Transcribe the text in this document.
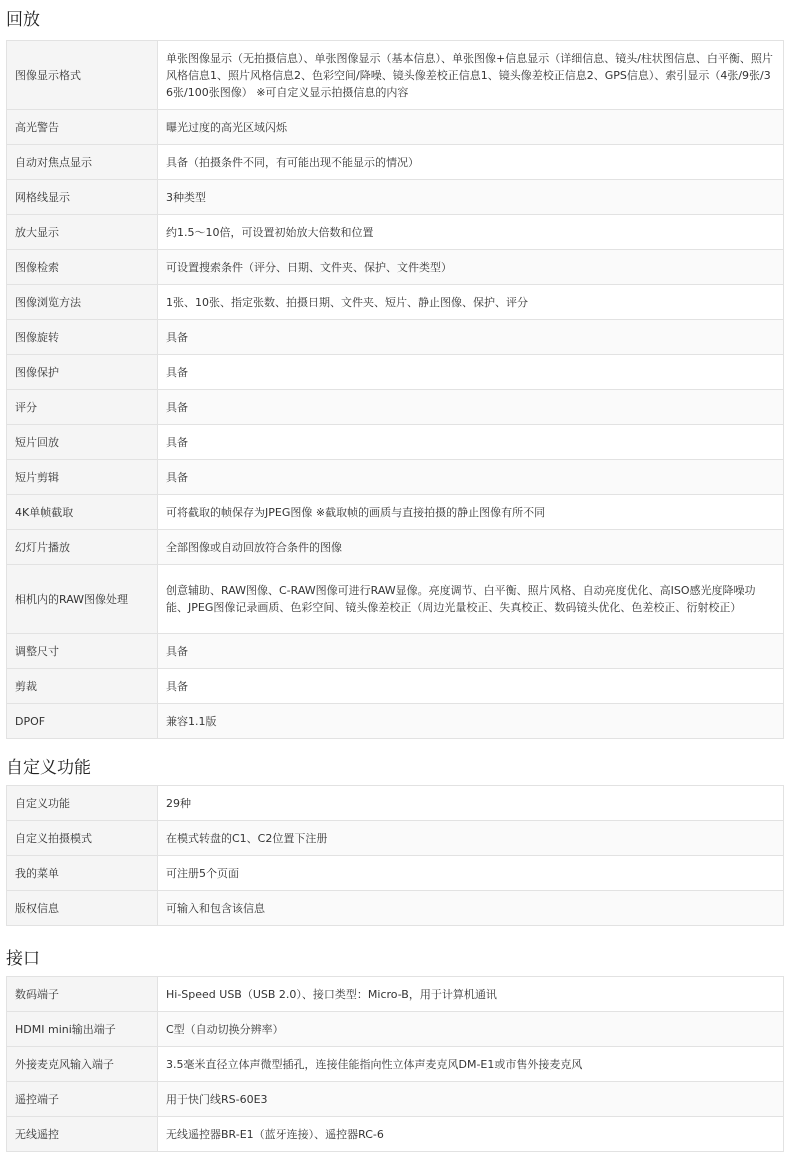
回放
图像显示格式	单张图像显示（无拍摄信息）、单张图像显示（基本信息）、单张图像+信息显示（详细信息、镜头/柱状图信息、白平衡、照片风格信息1、照片风格信息2、色彩空间/降噪、镜头像差校正信息1、镜头像差校正信息2、GPS信息）、索引显示（4张/9张/36张/100张图像） ※可自定义显示拍摄信息的内容
高光警告	曝光过度的高光区域闪烁
自动对焦点显示	具备（拍摄条件不同，有可能出现不能显示的情况）
网格线显示	3种类型
放大显示	约1.5～10倍，可设置初始放大倍数和位置
图像检索	可设置搜索条件（评分、日期、文件夹、保护、文件类型）
图像浏览方法	1张、10张、指定张数、拍摄日期、文件夹、短片、静止图像、保护、评分
图像旋转	具备
图像保护	具备
评分	具备
短片回放	具备
短片剪辑	具备
4K单帧截取	可将截取的帧保存为JPEG图像 ※截取帧的画质与直接拍摄的静止图像有所不同
幻灯片播放	全部图像或自动回放符合条件的图像
相机内的RAW图像处理	创意辅助、RAW图像、C-RAW图像可进行RAW显像。亮度调节、白平衡、照片风格、自动亮度优化、高ISO感光度降噪功能、JPEG图像记录画质、色彩空间、镜头像差校正（周边光量校正、失真校正、数码镜头优化、色差校正、衍射校正）
调整尺寸	具备
剪裁	具备
DPOF	兼容1.1版
自定义功能
自定义功能	29种
自定义拍摄模式	在模式转盘的C1、C2位置下注册
我的菜单	可注册5个页面
版权信息	可输入和包含该信息
接口
数码端子	Hi-Speed USB（USB 2.0）、接口类型：Micro-B，用于计算机通讯
HDMI mini输出端子	C型（自动切换分辨率）
外接麦克风输入端子	3.5毫米直径立体声微型插孔，连接佳能指向性立体声麦克风DM-E1或市售外接麦克风
遥控端子	用于快门线RS-60E3
无线遥控	无线遥控器BR-E1（蓝牙连接）、遥控器RC-6
